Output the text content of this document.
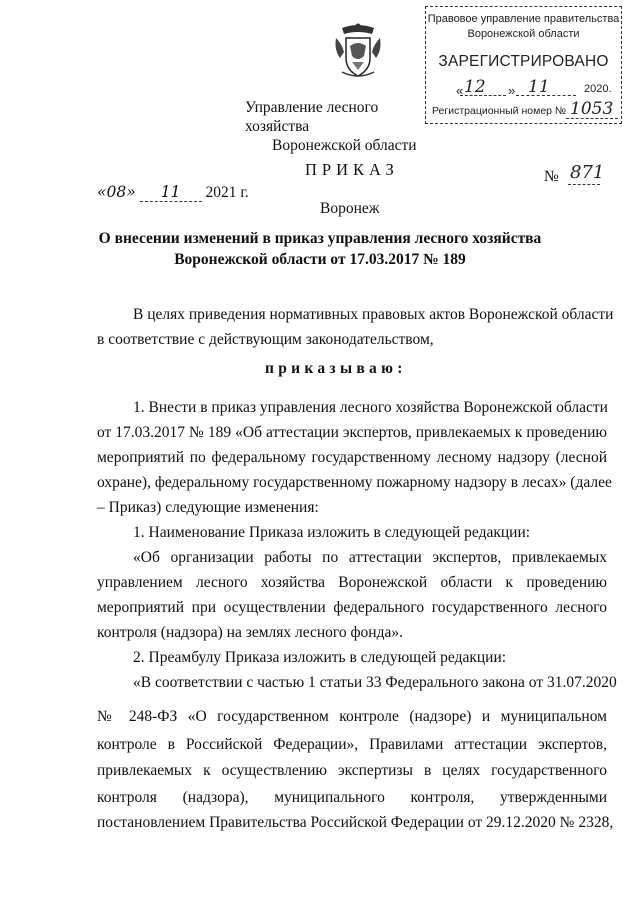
Правовое управление правительства
Воронежской области
ЗАРЕГИСТРИРОВАНО
« 12 » 11	2020.
Регистрационный номер № 1053
Управление лесного хозяйства
Воронежской области
ПРИКАЗ	№ 871
«08» 11 2021 г.
Воронеж
О внесении изменений в приказ управления лесного хозяйства
Воронежской области от 17.03.2017 № 189
В целях приведения нормативных правовых актов Воронежской области
в соответствие с действующим законодательством,
приказываю:
1. Внести в приказ управления лесного хозяйства Воронежской области
от 17.03.2017 № 189 «Об аттестации экспертов, привлекаемых к проведению
мероприятий по федеральному государственному лесному надзору (лесной
охране), федеральному государственному пожарному надзору в лесах» (далее
– Приказ) следующие изменения:
1. Наименование Приказа изложить в следующей редакции:
«Об организации работы по аттестации экспертов, привлекаемых
управлением лесного хозяйства Воронежской области к проведению
мероприятий при осуществлении федерального государственного лесного
контроля (надзора) на землях лесного фонда».
2. Преамбулу Приказа изложить в следующей редакции:
«В соответствии с частью 1 статьи 33 Федерального закона от 31.07.2020
№ 248-ФЗ «О государственном контроле (надзоре) и муниципальном
контроле в Российской Федерации», Правилами аттестации экспертов,
привлекаемых к осуществлению экспертизы в целях государственного
контроля (надзора), муниципального контроля, утвержденными
постановлением Правительства Российской Федерации от 29.12.2020 № 2328,
